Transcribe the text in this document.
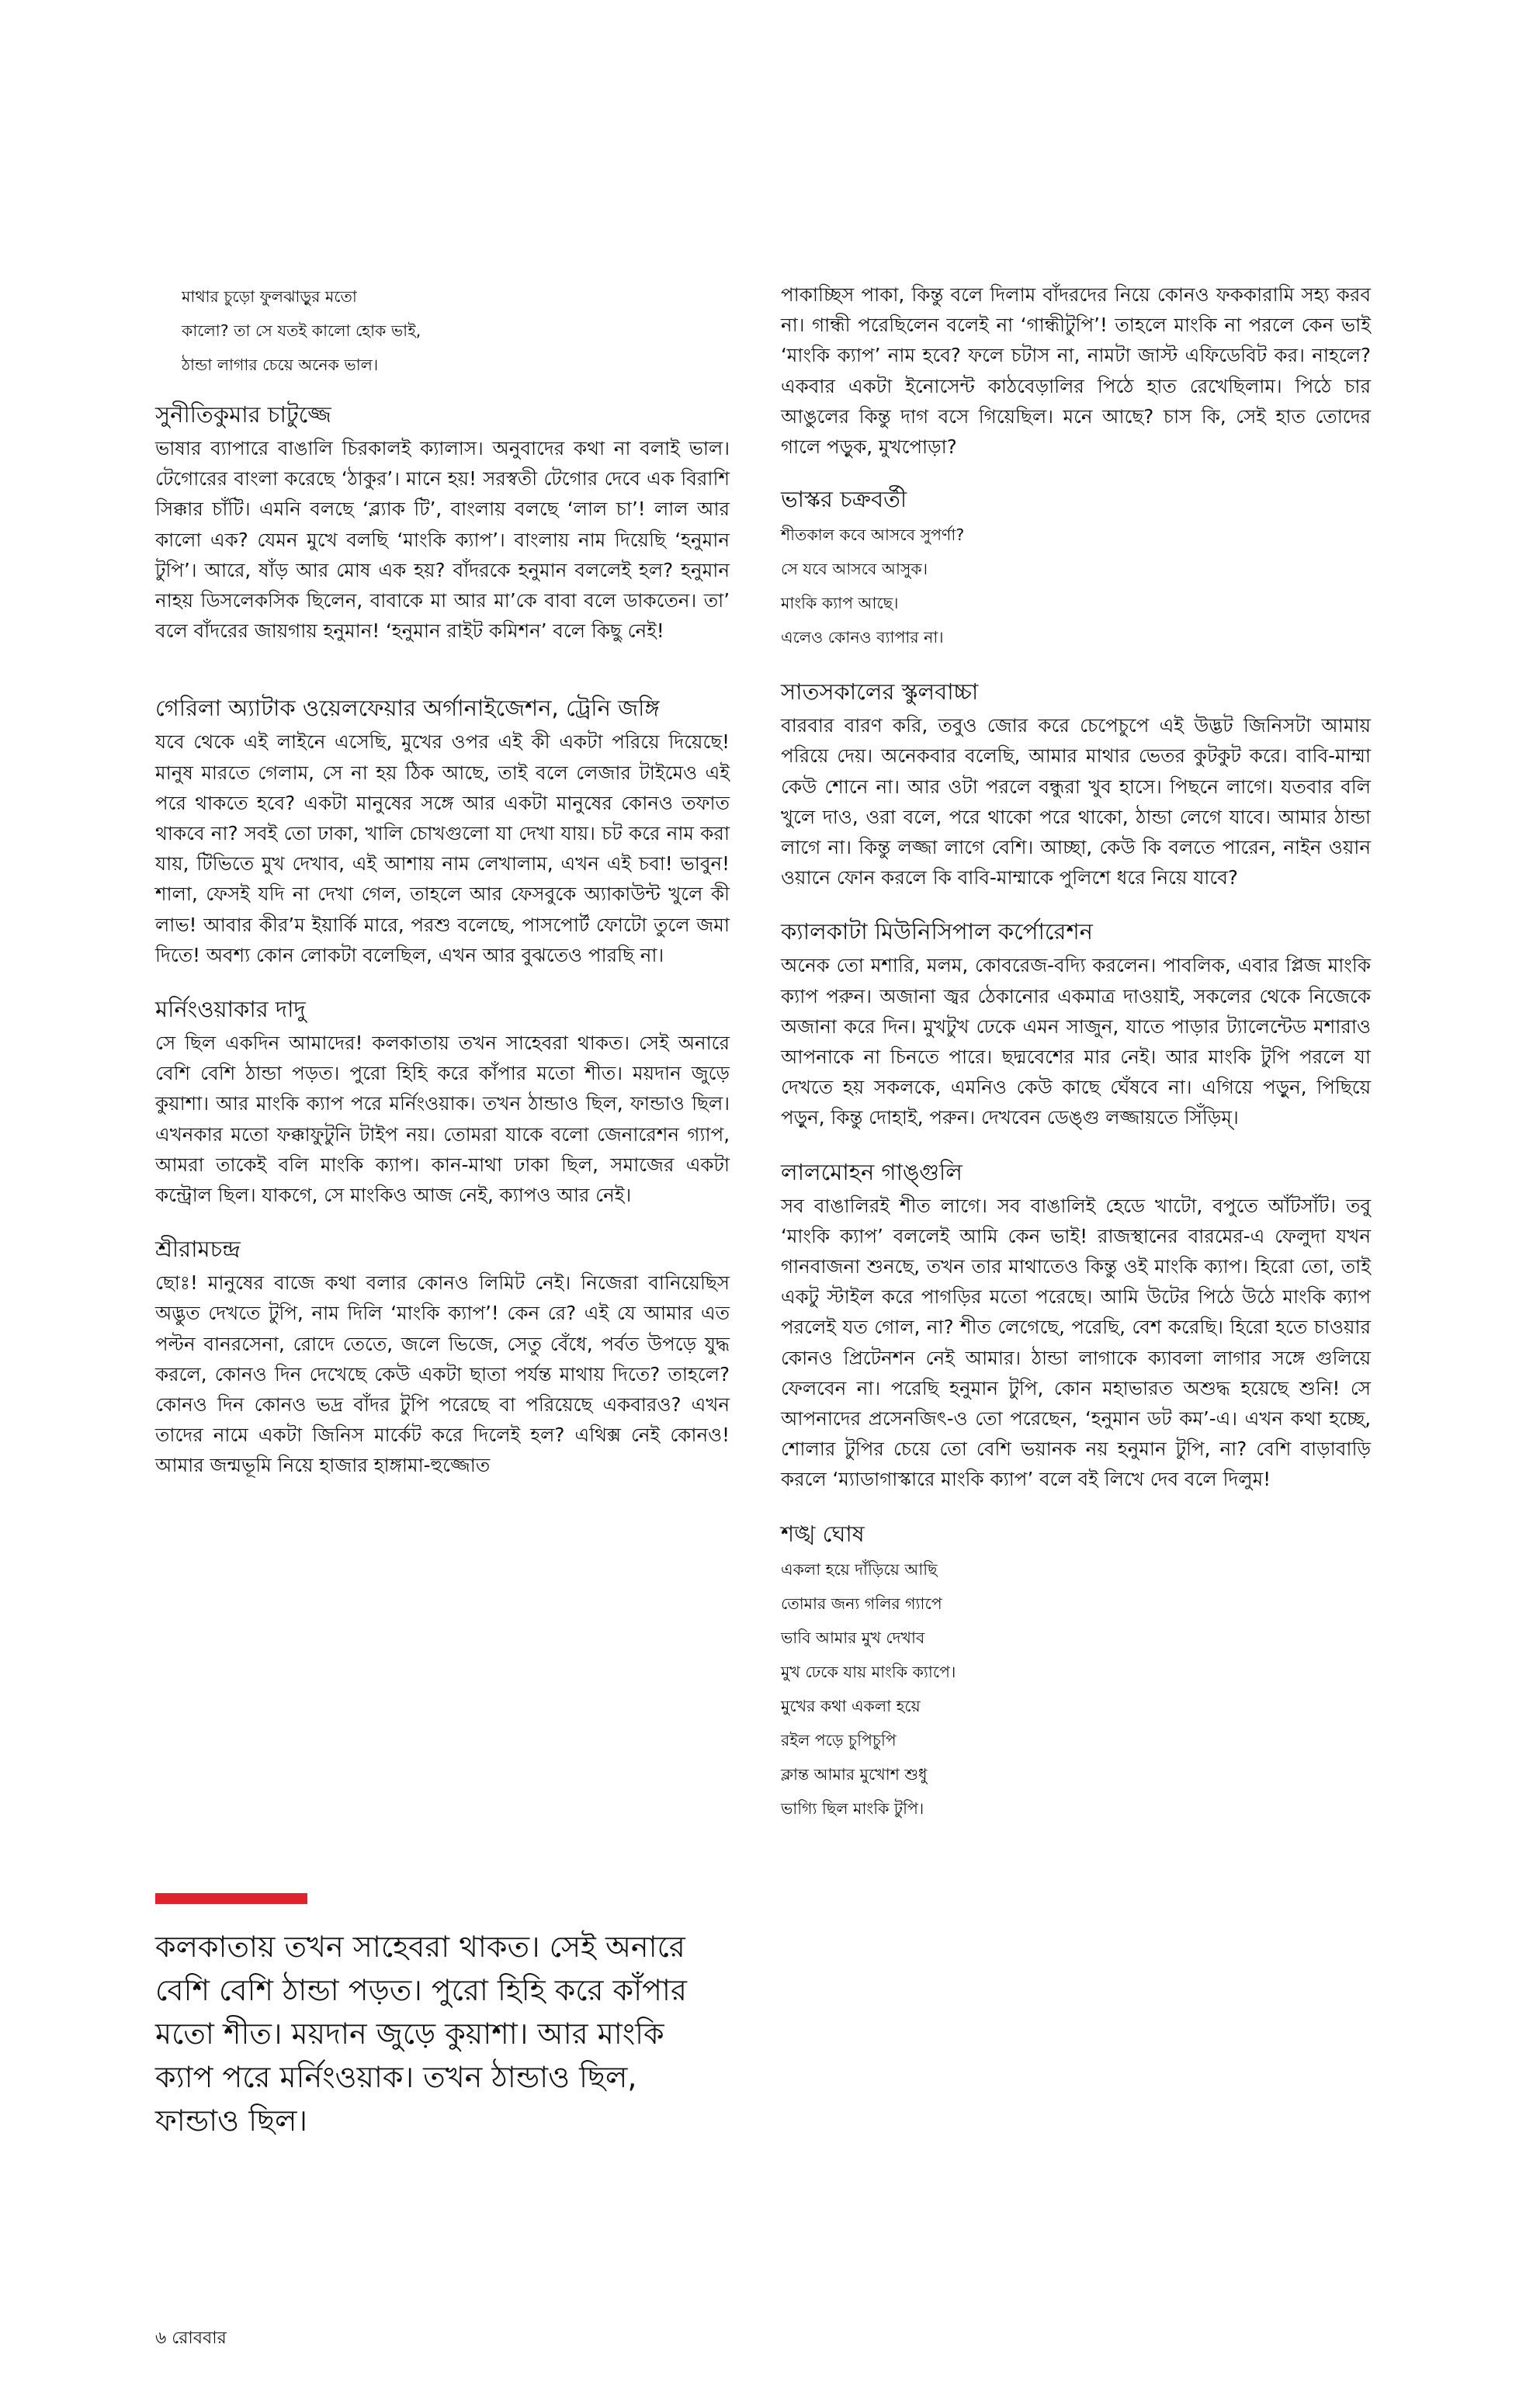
মাথার চুড়ো ফুলঝাড়ুর মতো
কালো? তা সে যতই কালো হোক ভাই,
ঠান্ডা লাগার চেয়ে অনেক ভাল।
সুনীতিকুমার চাটুজ্জে

ভাষার ব্যাপারে বাঙালি চিরকালই ক্যালাস। অনুবাদের কথা না বলাই ভাল। টেগোরের বাংলা করেছে ‘ঠাকুর’। মানে হয়! সরস্বতী টেগোর দেবে এক বিরাশি সিক্কার চাঁটি। এমনি বলছে ‘ব্ল্যাক টি’, বাংলায় বলছে ‘লাল চা’! লাল আর কালো এক? যেমন মুখে বলছি ‘মাংকি ক্যাপ’। বাংলায় নাম দিয়েছি ‘হনুমান টুপি’। আরে, ষাঁড় আর মোষ এক হয়? বাঁদরকে হনুমান বললেই হল? হনুমান নাহয় ডিসলেকসিক ছিলেন, বাবাকে মা আর মা’কে বাবা বলে ডাকতেন। তা’ বলে বাঁদরের জায়গায় হনুমান! ‘হনুমান রাইট কমিশন’ বলে কিছু নেই!

গেরিলা অ্যাটাক ওয়েলফেয়ার অর্গানাইজেশন, ট্রেনি জঙ্গি

যবে থেকে এই লাইনে এসেছি, মুখের ওপর এই কী একটা পরিয়ে দিয়েছে! মানুষ মারতে গেলাম, সে না হয় ঠিক আছে, তাই বলে লেজার টাইমেও এই পরে থাকতে হবে? একটা মানুষের সঙ্গে আর একটা মানুষের কোনও তফাত থাকবে না? সবই তো ঢাকা, খালি চোখগুলো যা দেখা যায়। চট করে নাম করা যায়, টিভিতে মুখ দেখাব, এই আশায় নাম লেখালাম, এখন এই চবা! ভাবুন! শালা, ফেসই যদি না দেখা গেল, তাহলে আর ফেসবুকে অ্যাকাউন্ট খুলে কী লাভ! আবার কীর’ম ইয়ার্কি মারে, পরশু বলেছে, পাসপোর্ট ফোটো তুলে জমা দিতে! অবশ্য কোন লোকটা বলেছিল, এখন আর বুঝতেও পারছি না।

মর্নিংওয়াকার দাদু

সে ছিল একদিন আমাদের! কলকাতায় তখন সাহেবরা থাকত। সেই অনারে বেশি বেশি ঠান্ডা পড়ত। পুরো হিহি করে কাঁপার মতো শীত। ময়দান জুড়ে কুয়াশা। আর মাংকি ক্যাপ পরে মর্নিংওয়াক। তখন ঠান্ডাও ছিল, ফান্ডাও ছিল। এখনকার মতো ফক্কাফুটুনি টাইপ নয়। তোমরা যাকে বলো জেনারেশন গ্যাপ, আমরা তাকেই বলি মাংকি ক্যাপ। কান-মাথা ঢাকা ছিল, সমাজের একটা কন্ট্রোল ছিল। যাকগে, সে মাংকিও আজ নেই, ক্যাপও আর নেই।

শ্রীরামচন্দ্র

ছোঃ! মানুষের বাজে কথা বলার কোনও লিমিট নেই। নিজেরা বানিয়েছিস অদ্ভুত দেখতে টুপি, নাম দিলি ‘মাংকি ক্যাপ’! কেন রে? এই যে আমার এত পল্টন বানরসেনা, রোদে তেতে, জলে ভিজে, সেতু বেঁধে, পর্বত উপড়ে যুদ্ধ করলে, কোনও দিন দেখেছে কেউ একটা ছাতা পর্যন্ত মাথায় দিতে? তাহলে? কোনও দিন কোনও ভদ্র বাঁদর টুপি পরেছে বা পরিয়েছে একবারও? এখন তাদের নামে একটা জিনিস মার্কেট করে দিলেই হল? এথিক্স নেই কোনও! আমার জন্মভূমি নিয়ে হাজার হাঙ্গামা-হুজ্জোত

কলকাতায় তখন সাহেবরা থাকত। সেই অনারে বেশি বেশি ঠান্ডা পড়ত। পুরো হিহি করে কাঁপার মতো শীত। ময়দান জুড়ে কুয়াশা। আর মাংকি ক্যাপ পরে মর্নিংওয়াক। তখন ঠান্ডাও ছিল, ফান্ডাও ছিল।

পাকাচ্ছিস পাকা, কিন্তু বলে দিলাম বাঁদরদের নিয়ে কোনও ফককারামি সহ্য করব না। গান্ধী পরেছিলেন বলেই না ‘গান্ধীটুপি’! তাহলে মাংকি না পরলে কেন ভাই ‘মাংকি ক্যাপ’ নাম হবে? ফলে চটাস না, নামটা জাস্ট এফিডেবিট কর। নাহলে? একবার একটা ইনোসেন্ট কাঠবেড়ালির পিঠে হাত রেখেছিলাম। পিঠে চার আঙুলের কিন্তু দাগ বসে গিয়েছিল। মনে আছে? চাস কি, সেই হাত তোদের গালে পড়ুক, মুখপোড়া?

ভাস্কর চক্রবর্তী
শীতকাল কবে আসবে সুপর্ণা?
সে যবে আসবে আসুক।
মাংকি ক্যাপ আছে।
এলেও কোনও ব্যাপার না।
সাতসকালের স্কুলবাচ্চা

বারবার বারণ করি, তবুও জোর করে চেপেচুপে এই উদ্ভট জিনিসটা আমায় পরিয়ে দেয়। অনেকবার বলেছি, আমার মাথার ভেতর কুটকুট করে। বাবি-মাম্মা কেউ শোনে না। আর ওটা পরলে বন্ধুরা খুব হাসে। পিছনে লাগে। যতবার বলি খুলে দাও, ওরা বলে, পরে থাকো পরে থাকো, ঠান্ডা লেগে যাবে। আমার ঠান্ডা লাগে না। কিন্তু লজ্জা লাগে বেশি। আচ্ছা, কেউ কি বলতে পারেন, নাইন ওয়ান ওয়ানে ফোন করলে কি বাবি-মাম্মাকে পুলিশে ধরে নিয়ে যাবে?

ক্যালকাটা মিউনিসিপাল কর্পোরেশন

অনেক তো মশারি, মলম, কোবরেজ-বদ্যি করলেন। পাবলিক, এবার প্লিজ মাংকি ক্যাপ পরুন। অজানা জ্বর ঠেকানোর একমাত্র দাওয়াই, সকলের থেকে নিজেকে অজানা করে দিন। মুখটুখ ঢেকে এমন সাজুন, যাতে পাড়ার ট্যালেন্টেড মশারাও আপনাকে না চিনতে পারে। ছদ্মবেশের মার নেই। আর মাংকি টুপি পরলে যা দেখতে হয় সকলকে, এমনিও কেউ কাছে ঘেঁষবে না। এগিয়ে পড়ুন, পিছিয়ে পড়ুন, কিন্তু দোহাই, পরুন। দেখবেন ডেঙ্গু লজ্জায়তে সিঁড়িম্‌।

লালমোহন গাঙ্গুলি

সব বাঙালিরই শীত লাগে। সব বাঙালিই হেডে খাটো, বপুতে আঁটসাঁট। তবু ‘মাংকি ক্যাপ’ বললেই আমি কেন ভাই! রাজস্থানের বারমের-এ ফেলুদা যখন গানবাজনা শুনছে, তখন তার মাথাতেও কিন্তু ওই মাংকি ক্যাপ। হিরো তো, তাই একটু স্টাইল করে পাগড়ির মতো পরেছে। আমি উটের পিঠে উঠে মাংকি ক্যাপ পরলেই যত গোল, না? শীত লেগেছে, পরেছি, বেশ করেছি। হিরো হতে চাওয়ার কোনও প্রিটেনশন নেই আমার। ঠান্ডা লাগাকে ক্যাবলা লাগার সঙ্গে গুলিয়ে ফেলবেন না। পরেছি হনুমান টুপি, কোন মহাভারত অশুদ্ধ হয়েছে শুনি! সে আপনাদের প্রসেনজিৎ-ও তো পরেছেন, ‘হনুমান ডট কম’-এ। এখন কথা হচ্ছে, শোলার টুপির চেয়ে তো বেশি ভয়ানক নয় হনুমান টুপি, না? বেশি বাড়াবাড়ি করলে ‘ম্যাডাগাস্কারে মাংকি ক্যাপ’ বলে বই লিখে দেব বলে দিলুম!

শঙ্খ ঘোষ
একলা হয়ে দাঁড়িয়ে আছি
তোমার জন্য গলির গ্যাপে
ভাবি আমার মুখ দেখাব
মুখ ঢেকে যায় মাংকি ক্যাপে।
মুখের কথা একলা হয়ে
রইল পড়ে চুপিচুপি
ক্লান্ত আমার মুখোশ শুধু
ভাগ্যি ছিল মাংকি টুপি।
৬ রোববার
